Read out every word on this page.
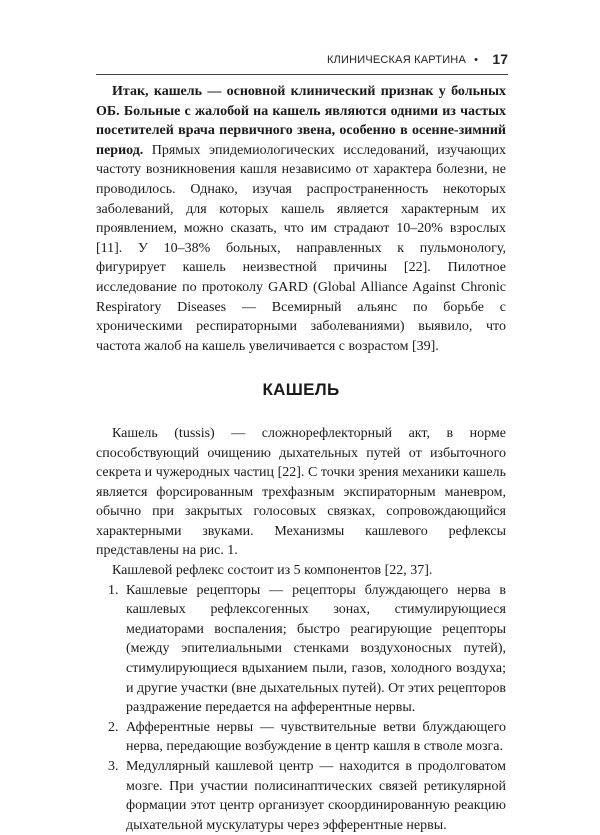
КЛИНИЧЕСКАЯ КАРТИНА • 17

Итак, кашель — основной клинический признак у больных ОБ. Больные с жалобой на кашель являются одними из частых посетителей врача первичного звена, особенно в осенне-зимний период. Прямых эпидемиологических исследований, изучающих частоту возникновения кашля независимо от характера болезни, не проводилось. Однако, изучая распространенность некоторых заболеваний, для которых кашель является характерным их проявлением, можно сказать, что им страдают 10–20% взрослых [11]. У 10–38% больных, направленных к пульмонологу, фигурирует кашель неизвестной причины [22]. Пилотное исследование по протоколу GARD (Global Alliance Against Chronic Respiratory Diseases — Всемирный альянс по борьбе с хроническими респираторными заболеваниями) выявило, что частота жалоб на кашель увеличивается с возрастом [39].

КАШЕЛЬ

Кашель (tussis) — сложнорефлекторный акт, в норме способствующий очищению дыхательных путей от избыточного секрета и чужеродных частиц [22]. С точки зрения механики кашель является форсированным трехфазным экспираторным маневром, обычно при закрытых голосовых связках, сопровождающийся характерными звуками. Механизмы кашлевого рефлексы представлены на рис. 1.

Кашлевой рефлекс состоит из 5 компонентов [22, 37].

1. Кашлевые рецепторы — рецепторы блуждающего нерва в кашлевых рефлексогенных зонах, стимулирующиеся медиаторами воспаления; быстро реагирующие рецепторы (между эпителиальными стенками воздухоносных путей), стимулирующиеся вдыханием пыли, газов, холодного воздуха; и другие участки (вне дыхательных путей). От этих рецепторов раздражение передается на афферентные нервы.
2. Афферентные нервы — чувствительные ветви блуждающего нерва, передающие возбуждение в центр кашля в стволе мозга.
3. Медуллярный кашлевой центр — находится в продолговатом мозге. При участии полисинаптических связей ретикулярной формации этот центр организует скоординированную реакцию дыхательной мускулатуры через эфферентные нервы.
